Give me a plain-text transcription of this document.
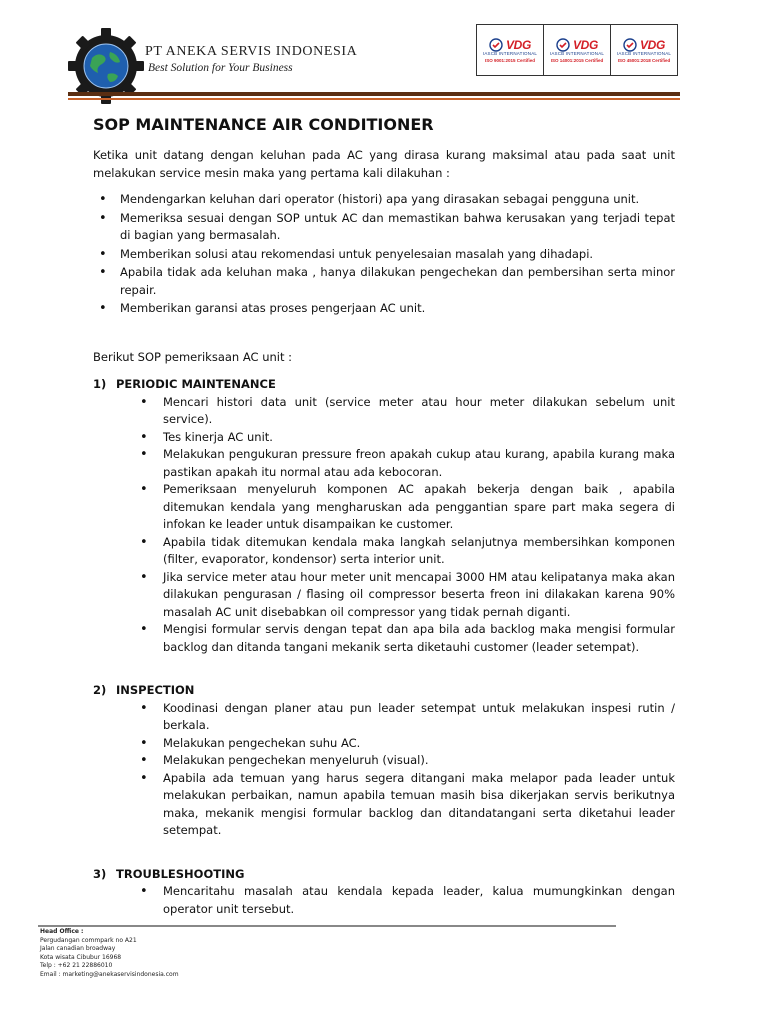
PT ANEKA SERVIS INDONESIA
Best Solution for Your Business
VDG
IASCB INTERNATIONAL
ISO 9001:2015 Certified
VDG
IASCB INTERNATIONAL
ISO 14001:2015 Certified
VDG
IASCB INTERNATIONAL
ISO 45001:2018 Certified
SOP MAINTENANCE AIR CONDITIONER

Ketika unit datang dengan keluhan pada AC yang dirasa kurang maksimal atau pada saat unit melakukan service mesin maka yang pertama kali dilakuhan :

• Mendengarkan keluhan dari operator (histori) apa yang dirasakan sebagai pengguna unit.
• Memeriksa sesuai dengan SOP untuk AC dan memastikan bahwa kerusakan yang terjadi tepat di bagian yang bermasalah.
• Memberikan solusi atau rekomendasi untuk penyelesaian masalah yang dihadapi.
• Apabila tidak ada keluhan maka , hanya dilakukan pengechekan dan pembersihan serta minor repair.
• Memberikan garansi atas proses pengerjaan AC unit.

Berikut SOP pemeriksaan AC unit :

1) PERIODIC MAINTENANCE
• Mencari histori data unit (service meter atau hour meter dilakukan sebelum unit service).
• Tes kinerja AC unit.
• Melakukan pengukuran pressure freon apakah cukup atau kurang, apabila kurang maka pastikan apakah itu normal atau ada kebocoran.
• Pemeriksaan menyeluruh komponen AC apakah bekerja dengan baik , apabila ditemukan kendala yang mengharuskan ada penggantian spare part maka segera di infokan ke leader untuk disampaikan ke customer.
• Apabila tidak ditemukan kendala maka langkah selanjutnya membersihkan komponen (filter, evaporator, kondensor) serta interior unit.
• Jika service meter atau hour meter unit mencapai 3000 HM atau kelipatanya maka akan dilakukan pengurasan / flasing oil compressor beserta freon ini dilakakan karena 90% masalah AC unit disebabkan oil compressor yang tidak pernah diganti.
• Mengisi formular servis dengan tepat dan apa bila ada backlog maka mengisi formular backlog dan ditanda tangani mekanik serta diketauhi customer (leader setempat).
2) INSPECTION
• Koodinasi dengan planer atau pun leader setempat untuk melakukan inspesi rutin / berkala.
• Melakukan pengechekan suhu AC.
• Melakukan pengechekan menyeluruh (visual).
• Apabila ada temuan yang harus segera ditangani maka melapor pada leader untuk melakukan perbaikan, namun apabila temuan masih bisa dikerjakan servis berikutnya maka, mekanik mengisi formular backlog dan ditandatangani serta diketahui leader setempat.
3) TROUBLESHOOTING
• Mencaritahu masalah atau kendala kepada leader, kalua mumungkinkan dengan operator unit tersebut.
Head Office :
Pergudangan commpark no A21
Jalan canadian broadway
Kota wisata Cibubur 16968
Telp : +62 21 22886010
Email : marketing@anekaservisindonesia.com
